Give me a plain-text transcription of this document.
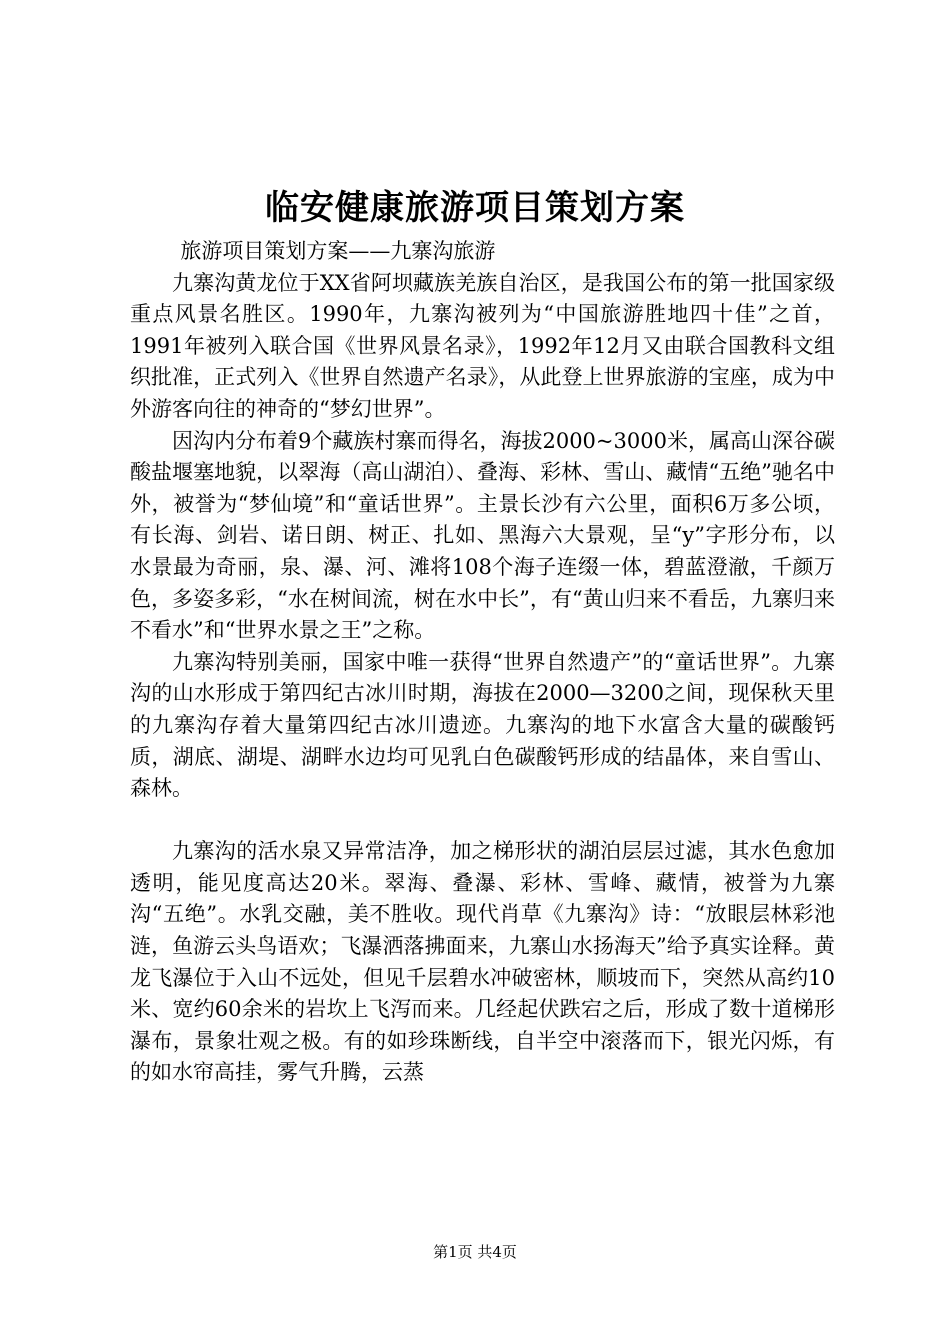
临安健康旅游项目策划方案

旅游项目策划方案——九寨沟旅游

九寨沟黄龙位于XX省阿坝藏族羌族自治区，是我国公布的第一批国家级重点风景名胜区。1990年，九寨沟被列为“中国旅游胜地四十佳”之首，1991年被列入联合国《世界风景名录》，1992年12月又由联合国教科文组织批准，正式列入《世界自然遗产名录》，从此登上世界旅游的宝座，成为中外游客向往的神奇的“梦幻世界”。

因沟内分布着9个藏族村寨而得名，海拔2000~3000米，属高山深谷碳酸盐堰塞地貌，以翠海（高山湖泊）、叠海、彩林、雪山、藏情“五绝”驰名中外，被誉为“梦仙境”和“童话世界”。主景长沙有六公里，面积6万多公顷，有长海、剑岩、诺日朗、树正、扎如、黑海六大景观，呈“y”字形分布，以水景最为奇丽，泉、瀑、河、滩将108个海子连缀一体，碧蓝澄澈，千颜万色，多姿多彩，“水在树间流，树在水中长”，有“黄山归来不看岳，九寨归来不看水”和“世界水景之王”之称。

九寨沟特别美丽，国家中唯一获得“世界自然遗产”的“童话世界”。九寨沟的山水形成于第四纪古冰川时期，海拔在2000—3200之间，现保秋天里的九寨沟存着大量第四纪古冰川遗迹。九寨沟的地下水富含大量的碳酸钙质，湖底、湖堤、湖畔水边均可见乳白色碳酸钙形成的结晶体，来自雪山、森林。

九寨沟的活水泉又异常洁净，加之梯形状的湖泊层层过滤，其水色愈加透明，能见度高达20米。翠海、叠瀑、彩林、雪峰、藏情，被誉为九寨沟“五绝”。水乳交融，美不胜收。现代肖草《九寨沟》诗：“放眼层林彩池涟，鱼游云头鸟语欢；飞瀑洒落拂面来，九寨山水扬海天”给予真实诠释。黄龙飞瀑位于入山不远处，但见千层碧水冲破密林，顺坡而下，突然从高约10米、宽约60余米的岩坎上飞泻而来。几经起伏跌宕之后，形成了数十道梯形瀑布，景象壮观之极。有的如珍珠断线，自半空中滚落而下，银光闪烁，有的如水帘高挂，雾气升腾，云蒸

第1页 共4页
